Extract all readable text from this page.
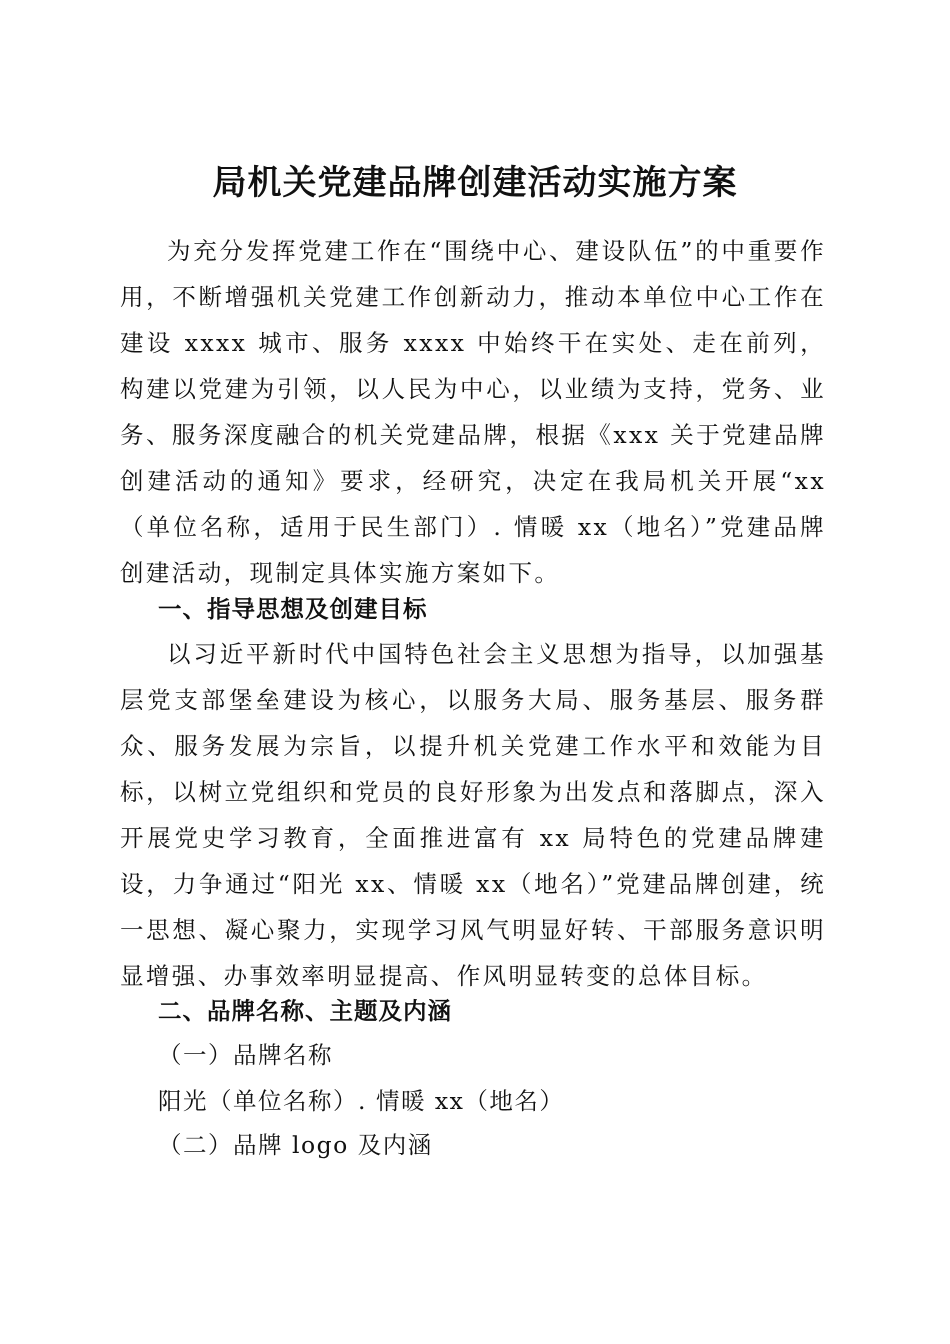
局机关党建品牌创建活动实施方案

为充分发挥党建工作在“围绕中心、建设队伍”的中重要作用，不断增强机关党建工作创新动力，推动本单位中心工作在建设 xxxx 城市、服务 xxxx 中始终干在实处、走在前列，构建以党建为引领，以人民为中心，以业绩为支持，党务、业务、服务深度融合的机关党建品牌，根据《xxx 关于党建品牌创建活动的通知》要求，经研究，决定在我局机关开展“xx（单位名称，适用于民生部门）. 情暖 xx（地名）”党建品牌创建活动，现制定具体实施方案如下。

一、指导思想及创建目标

以习近平新时代中国特色社会主义思想为指导，以加强基层党支部堡垒建设为核心，以服务大局、服务基层、服务群众、服务发展为宗旨，以提升机关党建工作水平和效能为目标，以树立党组织和党员的良好形象为出发点和落脚点，深入开展党史学习教育，全面推进富有 xx 局特色的党建品牌建设，力争通过“阳光 xx、情暖 xx（地名）”党建品牌创建，统一思想、凝心聚力，实现学习风气明显好转、干部服务意识明显增强、办事效率明显提高、作风明显转变的总体目标。

二、品牌名称、主题及内涵

（一）品牌名称

阳光（单位名称）. 情暖 xx（地名）

（二）品牌 logo 及内涵
